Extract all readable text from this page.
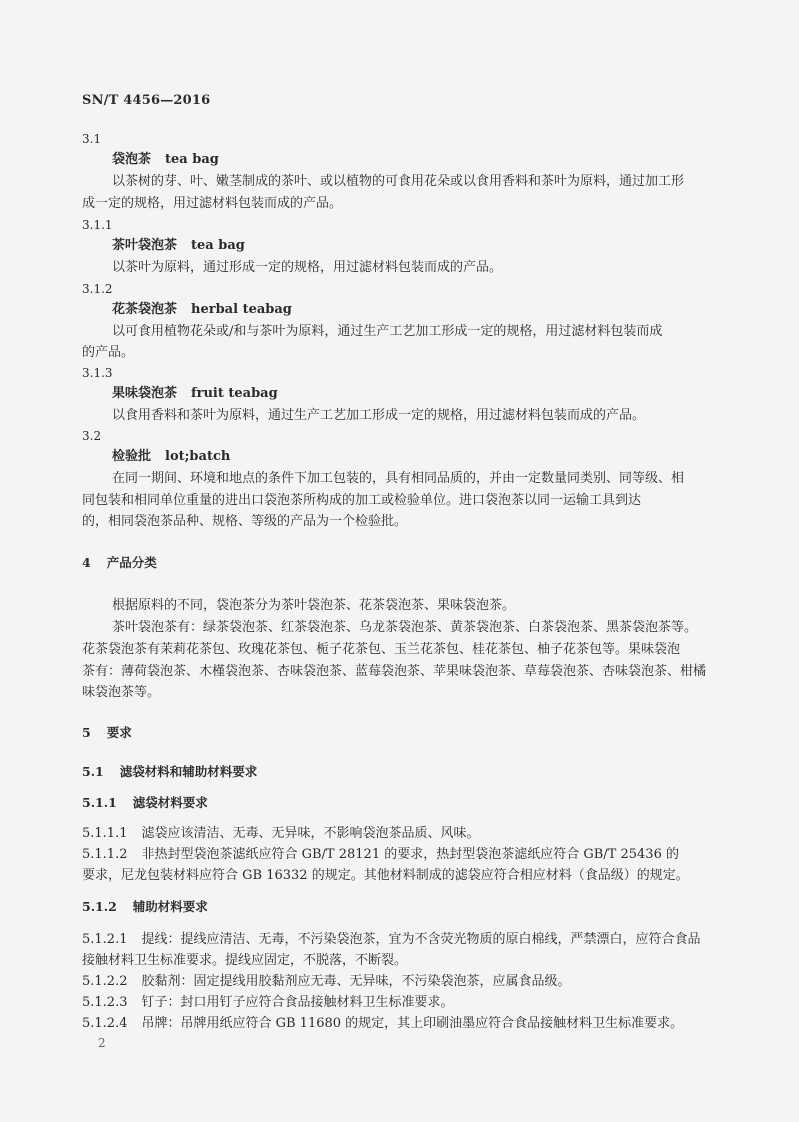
SN/T 4456—2016
3.1
袋泡茶 tea bag
以茶树的芽、叶、嫩茎制成的茶叶、或以植物的可食用花朵或以食用香料和茶叶为原料，通过加工形
成一定的规格，用过滤材料包装而成的产品。
3.1.1
茶叶袋泡茶 tea bag
以茶叶为原料，通过形成一定的规格，用过滤材料包装而成的产品。
3.1.2
花茶袋泡茶 herbal teabag
以可食用植物花朵或/和与茶叶为原料，通过生产工艺加工形成一定的规格，用过滤材料包装而成
的产品。
3.1.3
果味袋泡茶 fruit teabag
以食用香料和茶叶为原料，通过生产工艺加工形成一定的规格，用过滤材料包装而成的产品。
3.2
检验批 lot;batch
在同一期间、环境和地点的条件下加工包装的，具有相同品质的，并由一定数量同类别、同等级、相
同包装和相同单位重量的进出口袋泡茶所构成的加工或检验单位。进口袋泡茶以同一运输工具到达
的，相同袋泡茶品种、规格、等级的产品为一个检验批。
4 产品分类
根据原料的不同，袋泡茶分为茶叶袋泡茶、花茶袋泡茶、果味袋泡茶。
茶叶袋泡茶有：绿茶袋泡茶、红茶袋泡茶、乌龙茶袋泡茶、黄茶袋泡茶、白茶袋泡茶、黑茶袋泡茶等。
花茶袋泡茶有茉莉花茶包、玫瑰花茶包、栀子花茶包、玉兰花茶包、桂花茶包、柚子花茶包等。果味袋泡
茶有：薄荷袋泡茶、木槿袋泡茶、杏味袋泡茶、蓝莓袋泡茶、苹果味袋泡茶、草莓袋泡茶、杏味袋泡茶、柑橘
味袋泡茶等。
5 要求
5.1 滤袋材料和辅助材料要求
5.1.1 滤袋材料要求
5.1.1.1 滤袋应该清洁、无毒、无异味，不影响袋泡茶品质、风味。
5.1.1.2 非热封型袋泡茶滤纸应符合 GB/T 28121 的要求，热封型袋泡茶滤纸应符合 GB/T 25436 的
要求，尼龙包装材料应符合 GB 16332 的规定。其他材料制成的滤袋应符合相应材料（食品级）的规定。
5.1.2 辅助材料要求
5.1.2.1 提线：提线应清洁、无毒，不污染袋泡茶，宜为不含荧光物质的原白棉线，严禁漂白，应符合食品
接触材料卫生标准要求。提线应固定，不脱落，不断裂。
5.1.2.2 胶黏剂：固定提线用胶黏剂应无毒、无异味，不污染袋泡茶，应属食品级。
5.1.2.3 钉子：封口用钉子应符合食品接触材料卫生标准要求。
5.1.2.4 吊牌：吊牌用纸应符合 GB 11680 的规定，其上印刷油墨应符合食品接触材料卫生标准要求。
2
